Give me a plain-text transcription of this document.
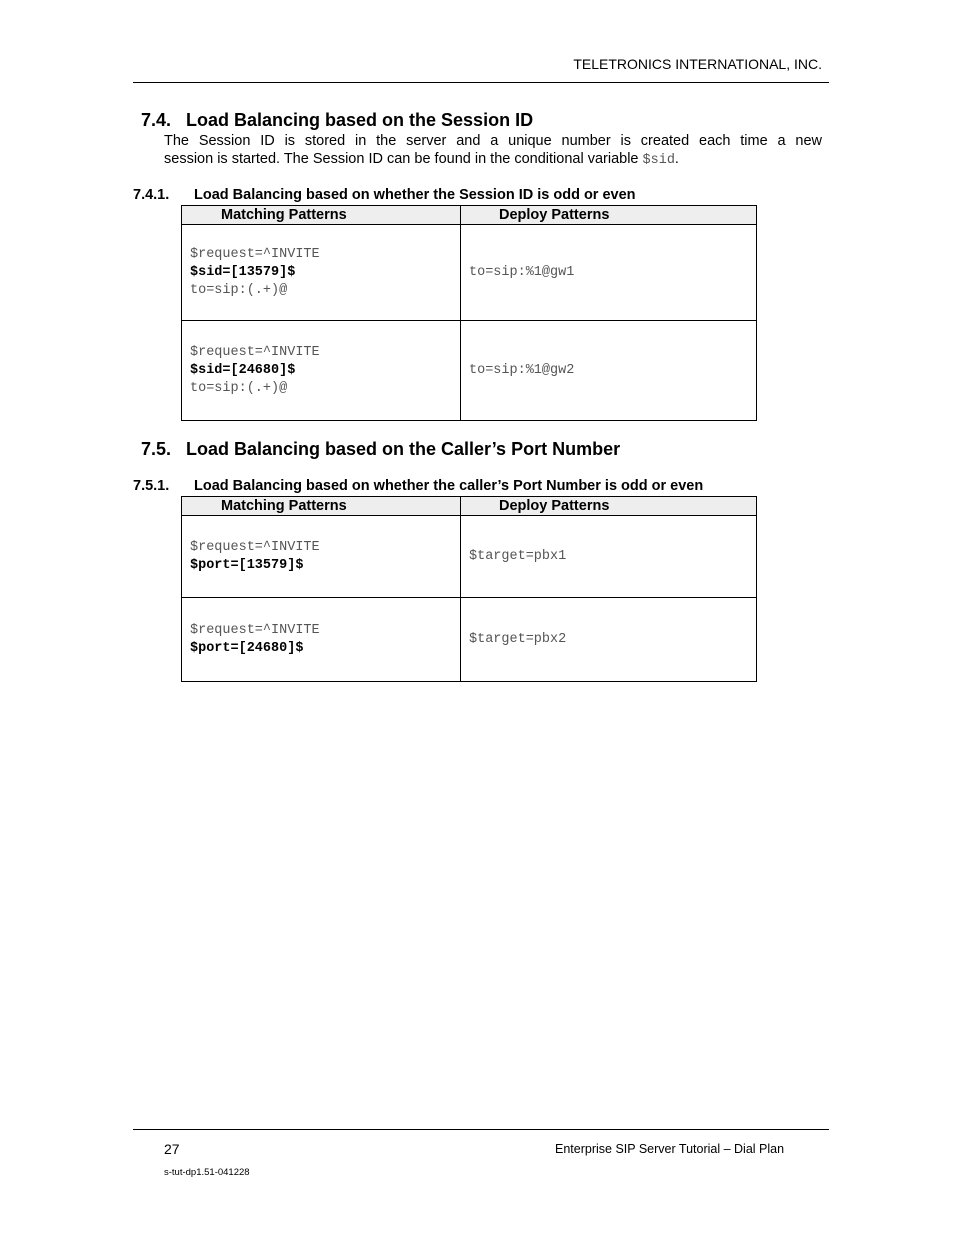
TELETRONICS INTERNATIONAL, INC.
7.4. Load Balancing based on the Session ID
The Session ID is stored in the server and a unique number is created each time a new
session is started. The Session ID can be found in the conditional variable $sid.
7.4.1. Load Balancing based on whether the Session ID is odd or even
Matching Patterns	Deploy Patterns

$request=^INVITE
$sid=[13579]$
to=sip:(.+)@	to=sip:%1@gw1

$request=^INVITE
$sid=[24680]$
to=sip:(.+)@	to=sip:%1@gw2
7.5. Load Balancing based on the Caller’s Port Number
7.5.1. Load Balancing based on whether the caller’s Port Number is odd or even
Matching Patterns	Deploy Patterns

$request=^INVITE
$port=[13579]$	$target=pbx1

$request=^INVITE
$port=[24680]$	$target=pbx2
27	Enterprise SIP Server Tutorial – Dial Plan
s-tut-dp1.51-041228
